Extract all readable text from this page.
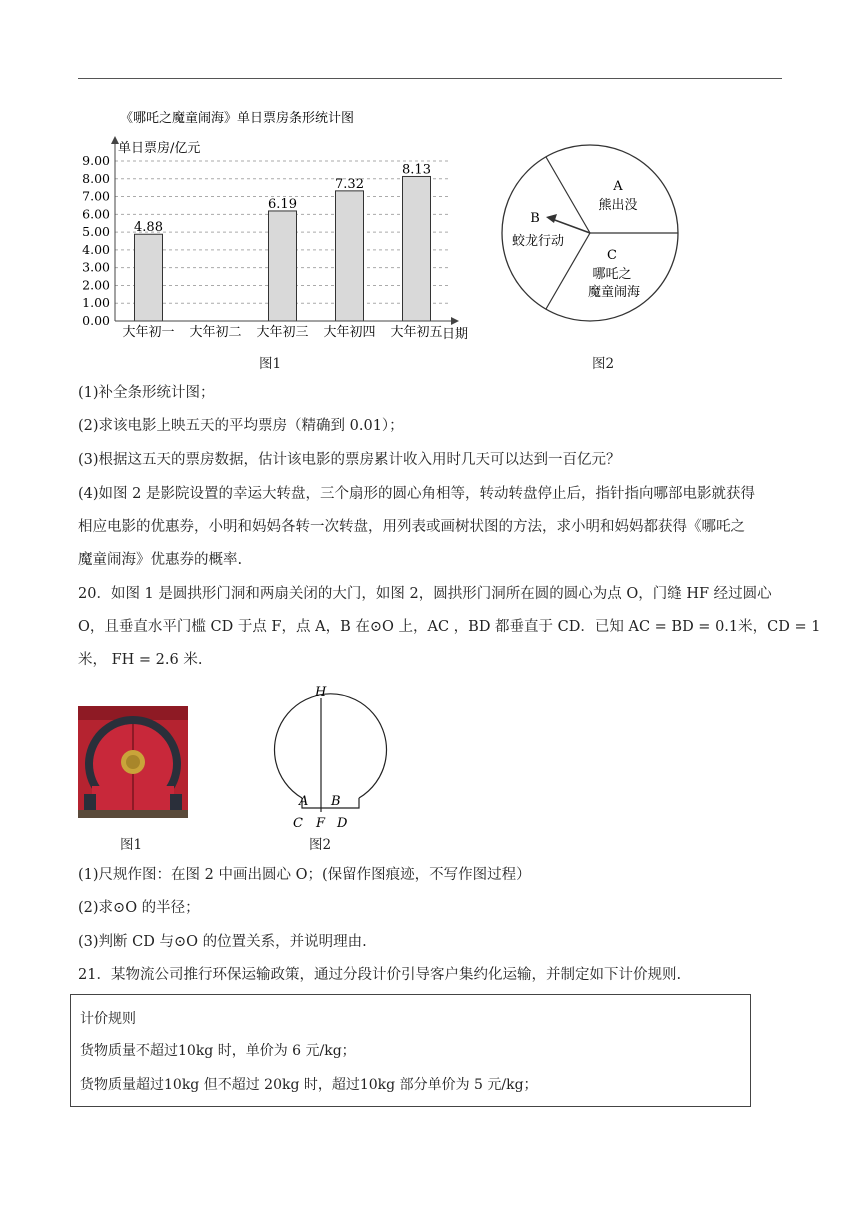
《哪吒之魔童闹海》单日票房条形统计图
单日票房/亿元
0.00
1.00
2.00
3.00
4.00
5.00
6.00
7.00
8.00
9.00
4.88
6.19
7.32
8.13
大年初一 大年初二 大年初三 大年初四 大年初五 日期
图1
A
熊出没
B
蛟龙行动
C
哪吒之
魔童闹海
图2
(1)补全条形统计图；
(2)求该电影上映五天的平均票房（精确到 0.01）；
(3)根据这五天的票房数据，估计该电影的票房累计收入用时几天可以达到一百亿元？
(4)如图 2 是影院设置的幸运大转盘，三个扇形的圆心角相等，转动转盘停止后，指针指向哪部电影就获得
相应电影的优惠券，小明和妈妈各转一次转盘，用列表或画树状图的方法，求小明和妈妈都获得《哪吒之
魔童闹海》优惠券的概率.
20．如图 1 是圆拱形门洞和两扇关闭的大门，如图 2，圆拱形门洞所在圆的圆心为点 O，门缝 HF 经过圆心
O，且垂直水平门槛 CD 于点 F，点 A，B 在⊙O 上，AC ，BD 都垂直于 CD．已知 AC = BD = 0.1米，CD = 1
米， FH = 2.6 米.
图1
H
A B
C F D
图2
(1)尺规作图：在图 2 中画出圆心 O；(保留作图痕迹，不写作图过程）
(2)求⊙O 的半径；
(3)判断 CD 与⊙O 的位置关系，并说明理由.
21．某物流公司推行环保运输政策，通过分段计价引导客户集约化运输，并制定如下计价规则.
计价规则
货物质量不超过10kg 时，单价为 6 元/kg；
货物质量超过10kg 但不超过 20kg 时，超过10kg 部分单价为 5 元/kg；
